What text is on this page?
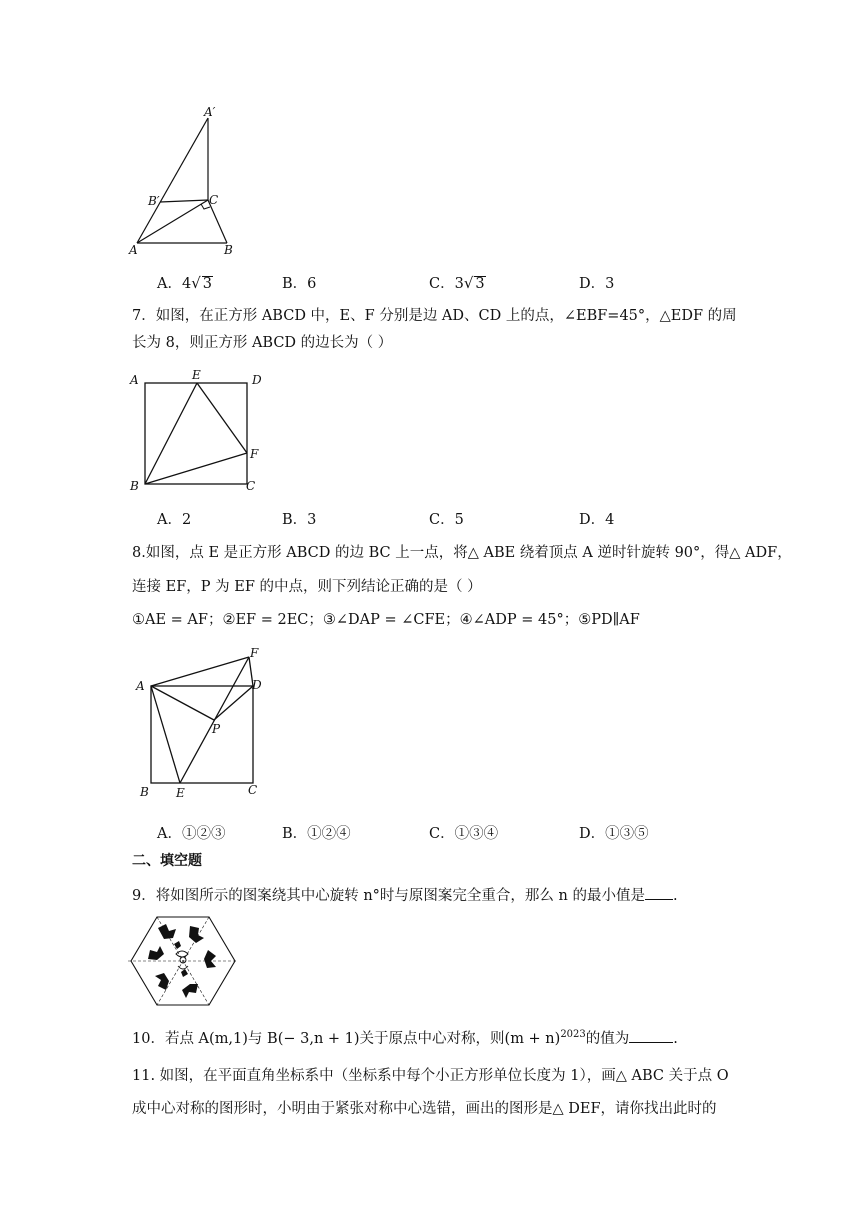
A′
B′	C
A	B
A．4√ 3	B．6	C．3√ 3	D．3
7．如图，在正方形 ABCD 中，E、F 分别是边 AD、CD 上的点，∠EBF=45°，△EDF 的周
长为 8，则正方形 ABCD 的边长为（ ）
A	E	D
F
B	C
A．2	B．3	C．5	D．4
8.如图，点 E 是正方形 ABCD 的边 BC 上一点，将△ ABE 绕着顶点 A 逆时针旋转 90°，得△ ADF，
连接 EF，P 为 EF 的中点，则下列结论正确的是（ ）
①AE = AF；②EF = 2EC；③∠DAP = ∠CFE；④∠ADP = 45°；⑤PD∥AF
A
F
D
P
B E	C
A．①②③	B．①②④	C．①③④	D．①③⑤
二、填空题
9．将如图所示的图案绕其中心旋转 n°时与原图案完全重合，那么 n 的最小值是 .
10．若点 A(m,1)与 B(− 3,n + 1)关于原点中心对称，则$(m + n)^{2023}$的值为	.
11. 如图，在平面直角坐标系中（坐标系中每个小正方形单位长度为 1），画△ ABC 关于点 O
成中心对称的图形时，小明由于紧张对称中心选错，画出的图形是△ DEF，请你找出此时的
